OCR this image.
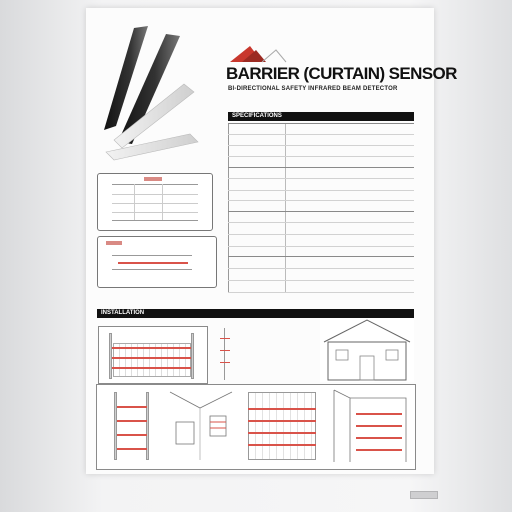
BARRIER (CURTAIN) SENSOR
BI-DIRECTIONAL SAFETY INFRARED BEAM DETECTOR
SPECIFICATIONS
INSTALLATION
